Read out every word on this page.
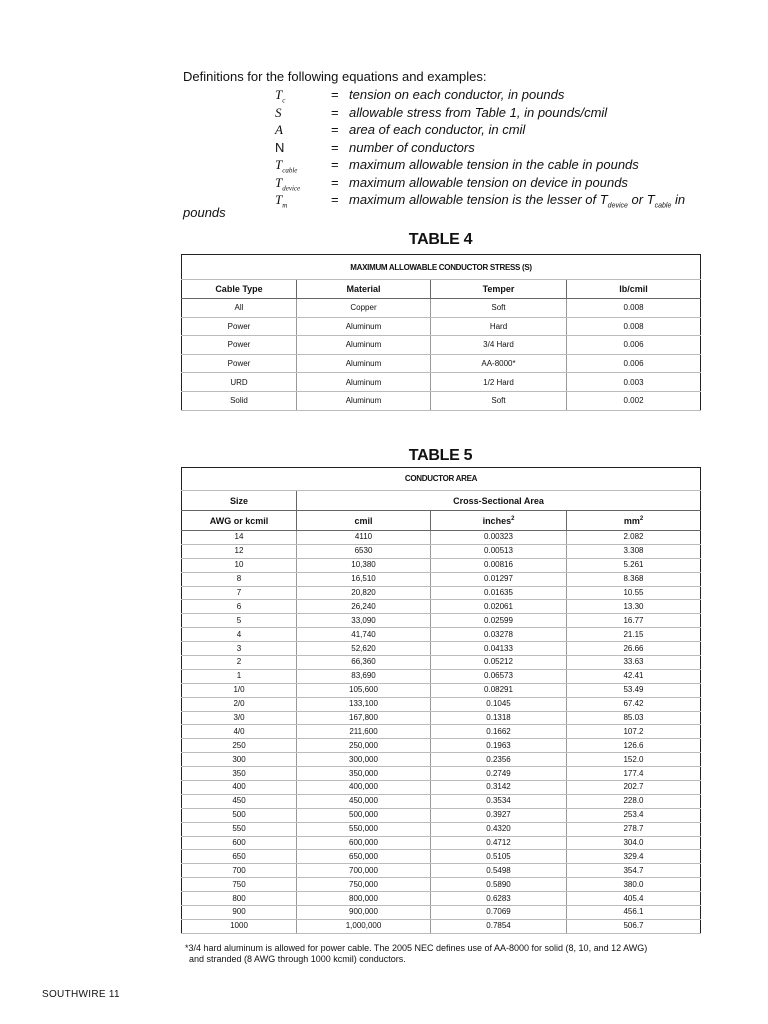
Definitions for the following equations and examples:
$T_c$	= tension on each conductor, in pounds
S	= allowable stress from Table 1, in pounds/cmil
A	= area of each conductor, in cmil
N	= number of conductors
$T_{cable}$	= maximum allowable tension in the cable in pounds
$T_{device}$ = maximum allowable tension on device in pounds
$T_m$	= maximum allowable tension is the lesser of $T_{device}$ or $T_{cable}$ in
pounds
TABLE 4
MAXIMUM ALLOWABLE CONDUCTOR STRESS (S)			
Cable Type	Material	Temper	lb/cmil
All	Copper	Soft	0.008
Power	Aluminum	Hard	0.008
Power	Aluminum	3/4 Hard	0.006
Power	Aluminum	AA-8000*	0.006
URD	Aluminum	1/2 Hard	0.003
Solid	Aluminum	Soft	0.002
TABLE 5
CONDUCTOR AREA			
Size	Cross-Sectional Area		
AWG or kcmil	cmil	inches$^2$	$mm^2$
14	4110	0.00323	2.082
12	6530	0.00513	3.308
10	10,380	0.00816	5.261
8	16,510	0.01297	8.368
7	20,820	0.01635	10.55
6	26,240	0.02061	13.30
5	33,090	0.02599	16.77
4	41,740	0.03278	21.15
3	52,620	0.04133	26.66
2	66,360	0.05212	33.63
1	83,690	0.06573	42.41
1/0	105,600	0.08291	53.49
2/0	133,100	0.1045	67.42
3/0	167,800	0.1318	85.03
4/0	211,600	0.1662	107.2
250	250,000	0.1963	126.6
300	300,000	0.2356	152.0
350	350,000	0.2749	177.4
400	400,000	0.3142	202.7
450	450,000	0.3534	228.0
500	500,000	0.3927	253.4
550	550,000	0.4320	278.7
600	600,000	0.4712	304.0
650	650,000	0.5105	329.4
700	700,000	0.5498	354.7
750	750,000	0.5890	380.0
800	800,000	0.6283	405.4
900	900,000	0.7069	456.1
1000	1,000,000	0.7854	506.7
*3/4 hard aluminum is allowed for power cable. The 2005 NEC defines use of AA-8000 for solid (8, 10, and 12 AWG)
and stranded (8 AWG through 1000 kcmil) conductors.
SOUTHWIRE 11
